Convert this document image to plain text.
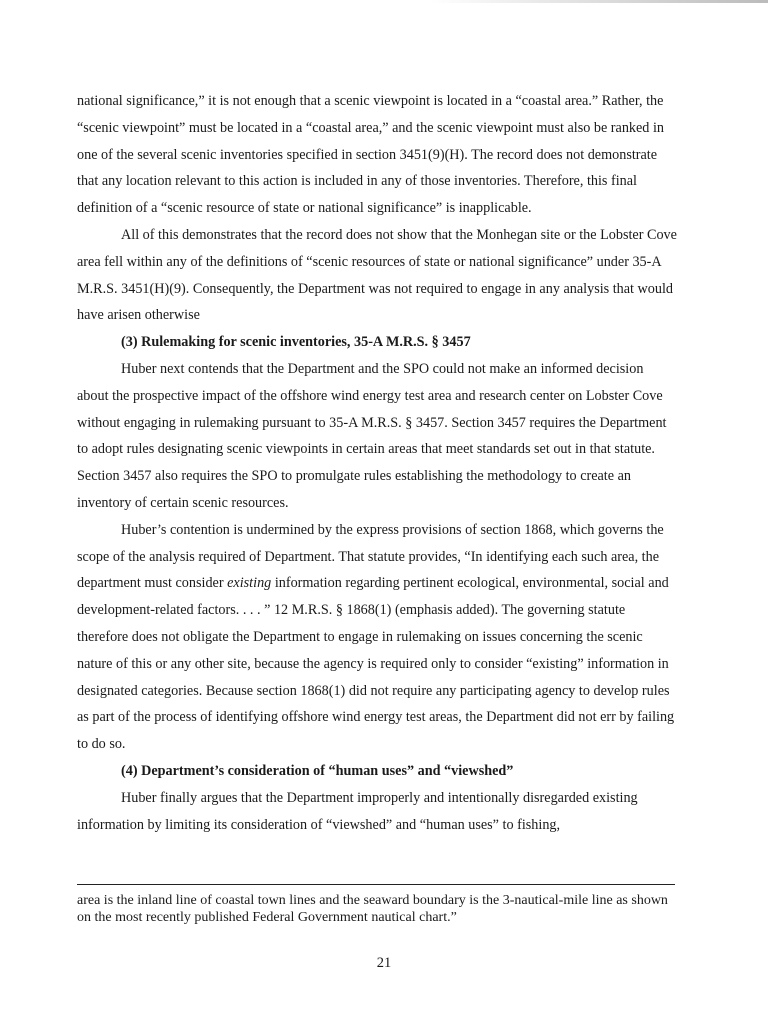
national significance,” it is not enough that a scenic viewpoint is located in a “coastal area.” Rather, the “scenic viewpoint” must be located in a “coastal area,” and the scenic viewpoint must also be ranked in one of the several scenic inventories specified in section 3451(9)(H). The record does not demonstrate that any location relevant to this action is included in any of those inventories. Therefore, this final definition of a “scenic resource of state or national significance” is inapplicable.

All of this demonstrates that the record does not show that the Monhegan site or the Lobster Cove area fell within any of the definitions of “scenic resources of state or national significance” under 35-A M.R.S. 3451(H)(9). Consequently, the Department was not required to engage in any analysis that would have arisen otherwise

(3) Rulemaking for scenic inventories, 35-A M.R.S. § 3457

Huber next contends that the Department and the SPO could not make an informed decision about the prospective impact of the offshore wind energy test area and research center on Lobster Cove without engaging in rulemaking pursuant to 35-A M.R.S. § 3457. Section 3457 requires the Department to adopt rules designating scenic viewpoints in certain areas that meet standards set out in that statute. Section 3457 also requires the SPO to promulgate rules establishing the methodology to create an inventory of certain scenic resources.

Huber’s contention is undermined by the express provisions of section 1868, which governs the scope of the analysis required of Department. That statute provides, “In identifying each such area, the department must consider existing information regarding pertinent ecological, environmental, social and development-related factors. . . . ” 12 M.R.S. § 1868(1) (emphasis added). The governing statute therefore does not obligate the Department to engage in rulemaking on issues concerning the scenic nature of this or any other site, because the agency is required only to consider “existing” information in designated categories. Because section 1868(1) did not require any participating agency to develop rules as part of the process of identifying offshore wind energy test areas, the Department did not err by failing to do so.

(4) Department’s consideration of “human uses” and “viewshed”

Huber finally argues that the Department improperly and intentionally disregarded existing information by limiting its consideration of “viewshed” and “human uses” to fishing,

area is the inland line of coastal town lines and the seaward boundary is the 3-nautical-mile line as shown on the most recently published Federal Government nautical chart.”

21
